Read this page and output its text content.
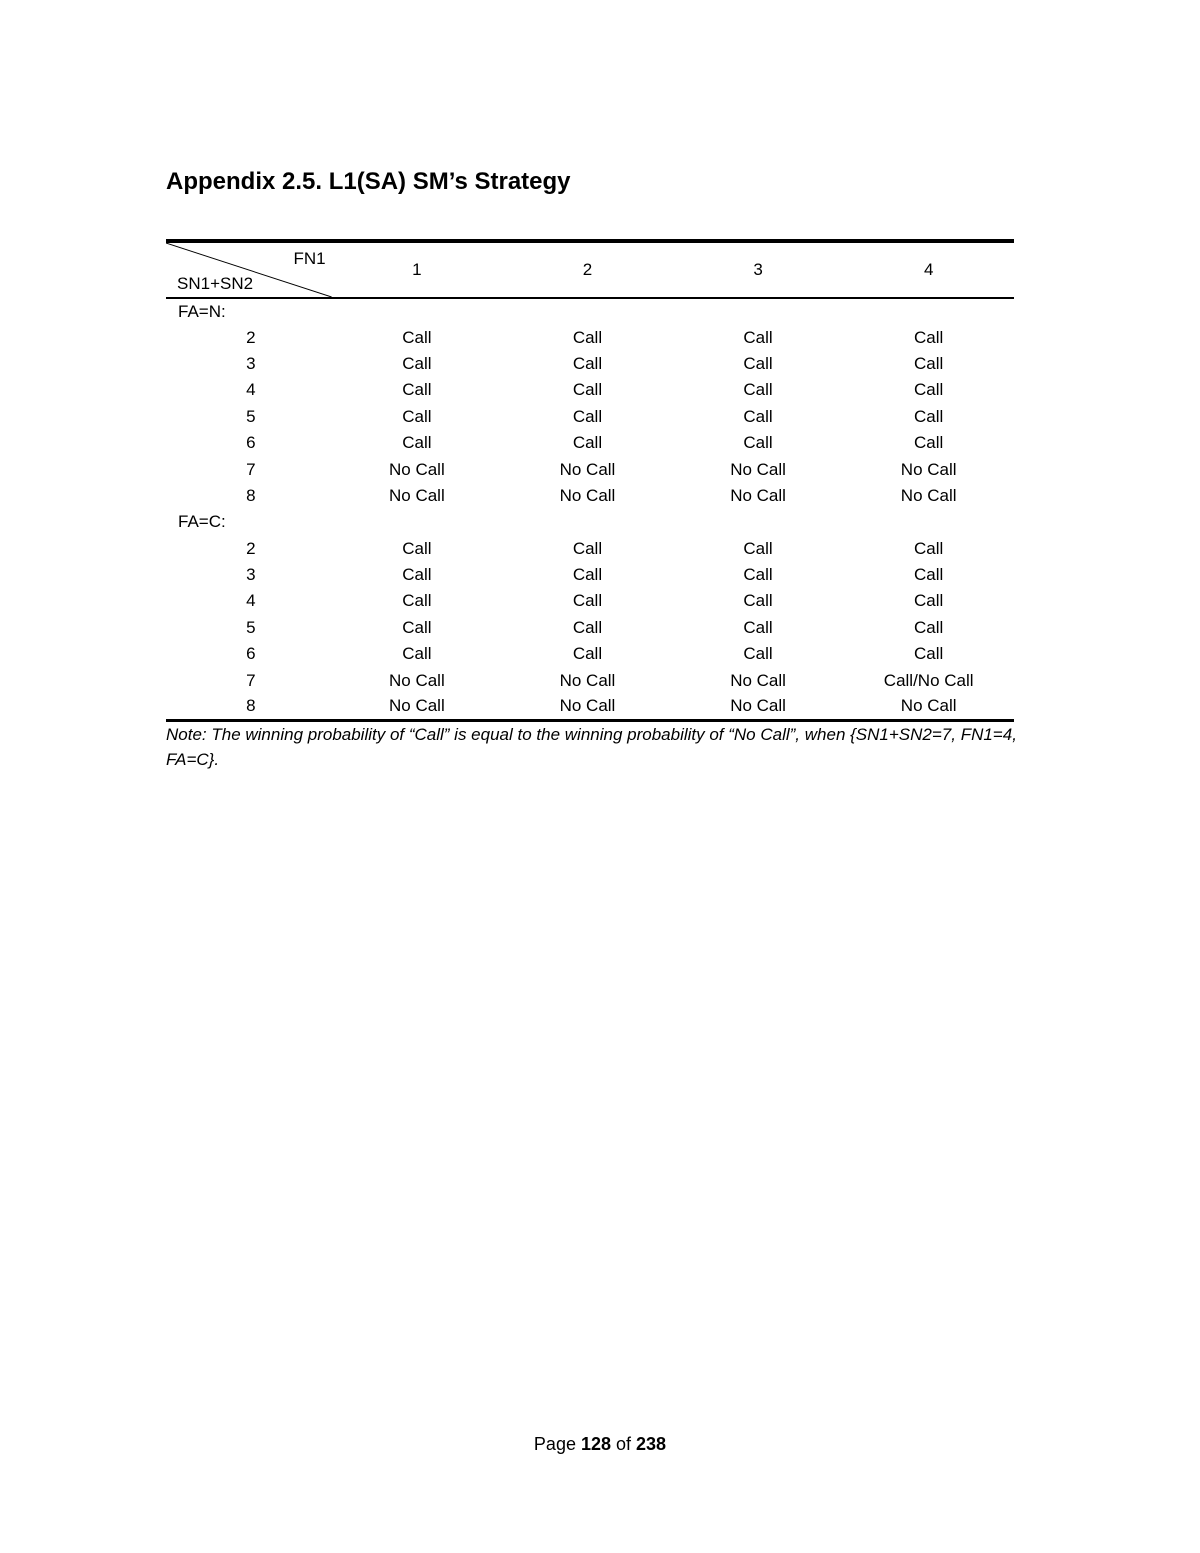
Appendix 2.5. L1(SA) SM’s Strategy
FN1
SN1+SN2	1	2	3	4
FA=N:				
2	Call	Call	Call	Call
3	Call	Call	Call	Call
4	Call	Call	Call	Call
5	Call	Call	Call	Call
6	Call	Call	Call	Call
7	No Call	No Call	No Call	No Call
8	No Call	No Call	No Call	No Call
FA=C:				
2	Call	Call	Call	Call
3	Call	Call	Call	Call
4	Call	Call	Call	Call
5	Call	Call	Call	Call
6	Call	Call	Call	Call
7	No Call	No Call	No Call	Call/No Call
8	No Call	No Call	No Call	No Call
Note: The winning probability of “Call” is equal to the winning probability of “No Call”, when {SN1+SN2=7, FN1=4, FA=C}.
Page 128 of 238
